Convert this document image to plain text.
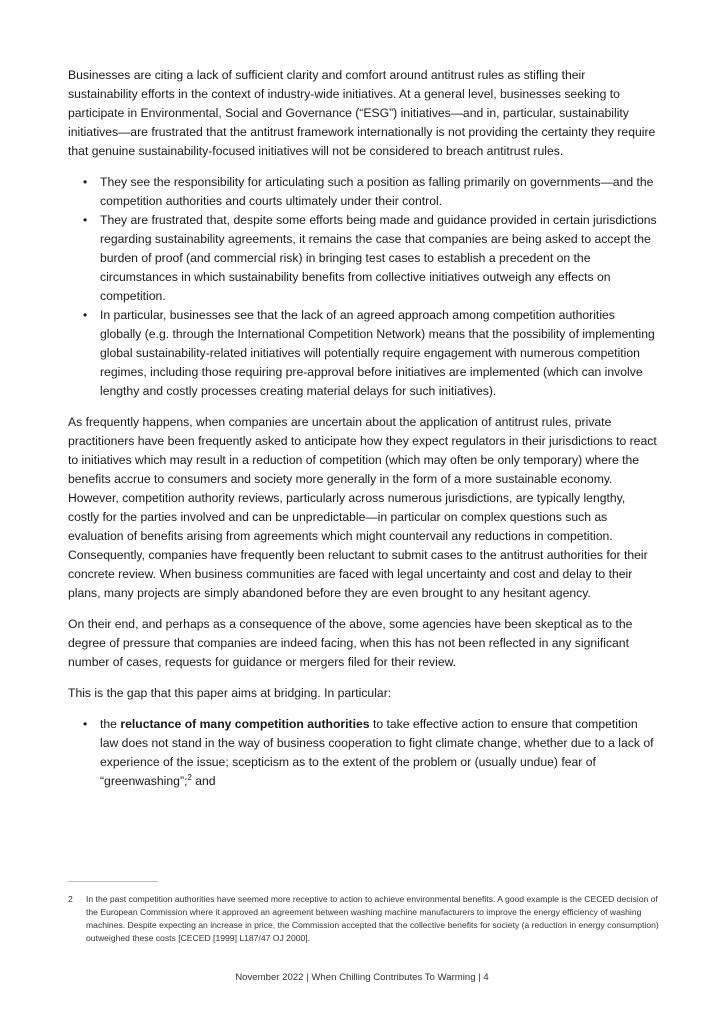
Businesses are citing a lack of sufficient clarity and comfort around antitrust rules as stifling their sustainability efforts in the context of industry-wide initiatives. At a general level, businesses seeking to participate in Environmental, Social and Governance (“ESG”) initiatives—and in, particular, sustainability initiatives—are frustrated that the antitrust framework internationally is not providing the certainty they require that genuine sustainability-focused initiatives will not be considered to breach antitrust rules.

• They see the responsibility for articulating such a position as falling primarily on governments—and the competition authorities and courts ultimately under their control.
• They are frustrated that, despite some efforts being made and guidance provided in certain jurisdictions regarding sustainability agreements, it remains the case that companies are being asked to accept the burden of proof (and commercial risk) in bringing test cases to establish a precedent on the circumstances in which sustainability benefits from collective initiatives outweigh any effects on competition.
• In particular, businesses see that the lack of an agreed approach among competition authorities globally (e.g. through the International Competition Network) means that the possibility of implementing global sustainability-related initiatives will potentially require engagement with numerous competition regimes, including those requiring pre-approval before initiatives are implemented (which can involve lengthy and costly processes creating material delays for such initiatives).

As frequently happens, when companies are uncertain about the application of antitrust rules, private practitioners have been frequently asked to anticipate how they expect regulators in their jurisdictions to react to initiatives which may result in a reduction of competition (which may often be only temporary) where the benefits accrue to consumers and society more generally in the form of a more sustainable economy. However, competition authority reviews, particularly across numerous jurisdictions, are typically lengthy, costly for the parties involved and can be unpredictable—in particular on complex questions such as evaluation of benefits arising from agreements which might countervail any reductions in competition. Consequently, companies have frequently been reluctant to submit cases to the antitrust authorities for their concrete review. When business communities are faced with legal uncertainty and cost and delay to their plans, many projects are simply abandoned before they are even brought to any hesitant agency.

On their end, and perhaps as a consequence of the above, some agencies have been skeptical as to the degree of pressure that companies are indeed facing, when this has not been reflected in any significant number of cases, requests for guidance or mergers filed for their review.

This is the gap that this paper aims at bridging. In particular:

• the reluctance of many competition authorities to take effective action to ensure that competition law does not stand in the way of business cooperation to fight climate change, whether due to a lack of experience of the issue; scepticism as to the extent of the problem or (usually undue) fear of “greenwashing”;$^2$ and
2	In the past competition authorities have seemed more receptive to action to achieve environmental benefits. A good example is the CECED decision of the European Commission where it approved an agreement between washing machine manufacturers to improve the energy efficiency of washing machines. Despite expecting an increase in price, the Commission accepted that the collective benefits for society (a reduction in energy consumption) outweighed these costs [CECED [1999] L187/47 OJ 2000].
November 2022 | When Chilling Contributes To Warming | 4
